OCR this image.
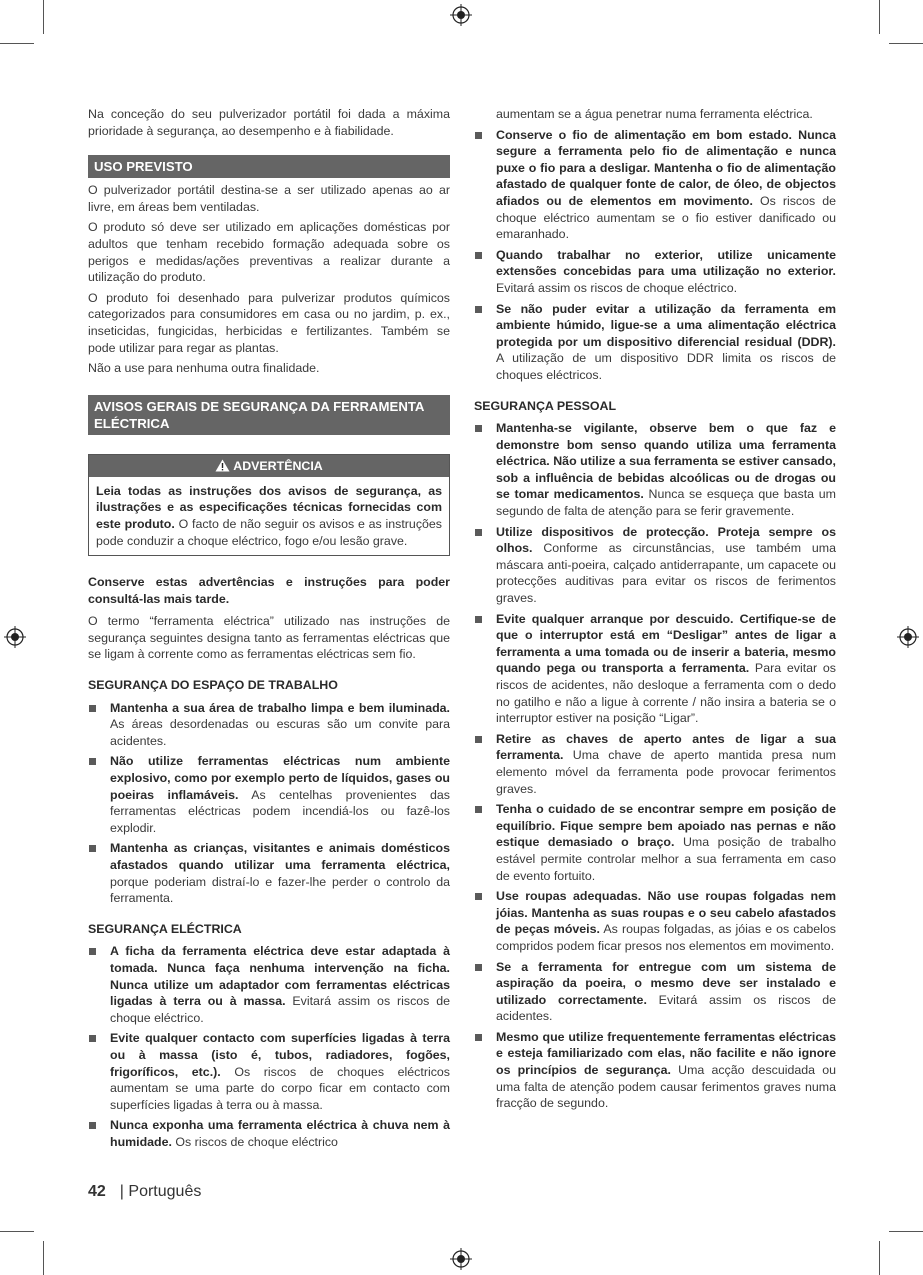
Na conceção do seu pulverizador portátil foi dada a máxima prioridade à segurança, ao desempenho e à fiabilidade.

USO PREVISTO

O pulverizador portátil destina-se a ser utilizado apenas ao ar livre, em áreas bem ventiladas.

O produto só deve ser utilizado em aplicações domésticas por adultos que tenham recebido formação adequada sobre os perigos e medidas/ações preventivas a realizar durante a utilização do produto.

O produto foi desenhado para pulverizar produtos químicos categorizados para consumidores em casa ou no jardim, p. ex., inseticidas, fungicidas, herbicidas e fertilizantes. Também se pode utilizar para regar as plantas.

Não a use para nenhuma outra finalidade.

AVISOS GERAIS DE SEGURANÇA DA FERRAMENTA ELÉCTRICA
ADVERTÊNCIA

Leia todas as instruções dos avisos de segurança, as ilustrações e as especificações técnicas fornecidas com este produto. O facto de não seguir os avisos e as instruções pode conduzir a choque eléctrico, fogo e/ou lesão grave.

Conserve estas advertências e instruções para poder consultá-las mais tarde.

O termo “ferramenta eléctrica” utilizado nas instruções de segurança seguintes designa tanto as ferramentas eléctricas que se ligam à corrente como as ferramentas eléctricas sem fio.

SEGURANÇA DO ESPAÇO DE TRABALHO
Mantenha a sua área de trabalho limpa e bem iluminada. As áreas desordenadas ou escuras são um convite para acidentes.
Não utilize ferramentas eléctricas num ambiente explosivo, como por exemplo perto de líquidos, gases ou poeiras inflamáveis. As centelhas provenientes das ferramentas eléctricas podem incendiá-los ou fazê-los explodir.
Mantenha as crianças, visitantes e animais domésticos afastados quando utilizar uma ferramenta eléctrica, porque poderiam distraí-lo e fazer-lhe perder o controlo da ferramenta.
SEGURANÇA ELÉCTRICA
A ficha da ferramenta eléctrica deve estar adaptada à tomada. Nunca faça nenhuma intervenção na ficha. Nunca utilize um adaptador com ferramentas eléctricas ligadas à terra ou à massa. Evitará assim os riscos de choque eléctrico.
Evite qualquer contacto com superfícies ligadas à terra ou à massa (isto é, tubos, radiadores, fogões, frigoríficos, etc.). Os riscos de choques eléctricos aumentam se uma parte do corpo ficar em contacto com superfícies ligadas à terra ou à massa.
Nunca exponha uma ferramenta eléctrica à chuva nem à humidade. Os riscos de choque eléctrico

aumentam se a água penetrar numa ferramenta eléctrica.

Conserve o fio de alimentação em bom estado. Nunca segure a ferramenta pelo fio de alimentação e nunca puxe o fio para a desligar. Mantenha o fio de alimentação afastado de qualquer fonte de calor, de óleo, de objectos afiados ou de elementos em movimento. Os riscos de choque eléctrico aumentam se o fio estiver danificado ou emaranhado.
Quando trabalhar no exterior, utilize unicamente extensões concebidas para uma utilização no exterior. Evitará assim os riscos de choque eléctrico.
Se não puder evitar a utilização da ferramenta em ambiente húmido, ligue-se a uma alimentação eléctrica protegida por um dispositivo diferencial residual (DDR). A utilização de um dispositivo DDR limita os riscos de choques eléctricos.
SEGURANÇA PESSOAL
Mantenha-se vigilante, observe bem o que faz e demonstre bom senso quando utiliza uma ferramenta eléctrica. Não utilize a sua ferramenta se estiver cansado, sob a influência de bebidas alcoólicas ou de drogas ou se tomar medicamentos. Nunca se esqueça que basta um segundo de falta de atenção para se ferir gravemente.
Utilize dispositivos de protecção. Proteja sempre os olhos. Conforme as circunstâncias, use também uma máscara anti-poeira, calçado antiderrapante, um capacete ou protecções auditivas para evitar os riscos de ferimentos graves.
Evite qualquer arranque por descuido. Certifique-se de que o interruptor está em “Desligar” antes de ligar a ferramenta a uma tomada ou de inserir a bateria, mesmo quando pega ou transporta a ferramenta. Para evitar os riscos de acidentes, não desloque a ferramenta com o dedo no gatilho e não a ligue à corrente / não insira a bateria se o interruptor estiver na posição “Ligar”.
Retire as chaves de aperto antes de ligar a sua ferramenta. Uma chave de aperto mantida presa num elemento móvel da ferramenta pode provocar ferimentos graves.
Tenha o cuidado de se encontrar sempre em posição de equilíbrio. Fique sempre bem apoiado nas pernas e não estique demasiado o braço. Uma posição de trabalho estável permite controlar melhor a sua ferramenta em caso de evento fortuito.
Use roupas adequadas. Não use roupas folgadas nem jóias. Mantenha as suas roupas e o seu cabelo afastados de peças móveis. As roupas folgadas, as jóias e os cabelos compridos podem ficar presos nos elementos em movimento.
Se a ferramenta for entregue com um sistema de aspiração da poeira, o mesmo deve ser instalado e utilizado correctamente. Evitará assim os riscos de acidentes.
Mesmo que utilize frequentemente ferramentas eléctricas e esteja familiarizado com elas, não facilite e não ignore os princípios de segurança. Uma acção descuidada ou uma falta de atenção podem causar ferimentos graves numa fracção de segundo.
42 | Português
